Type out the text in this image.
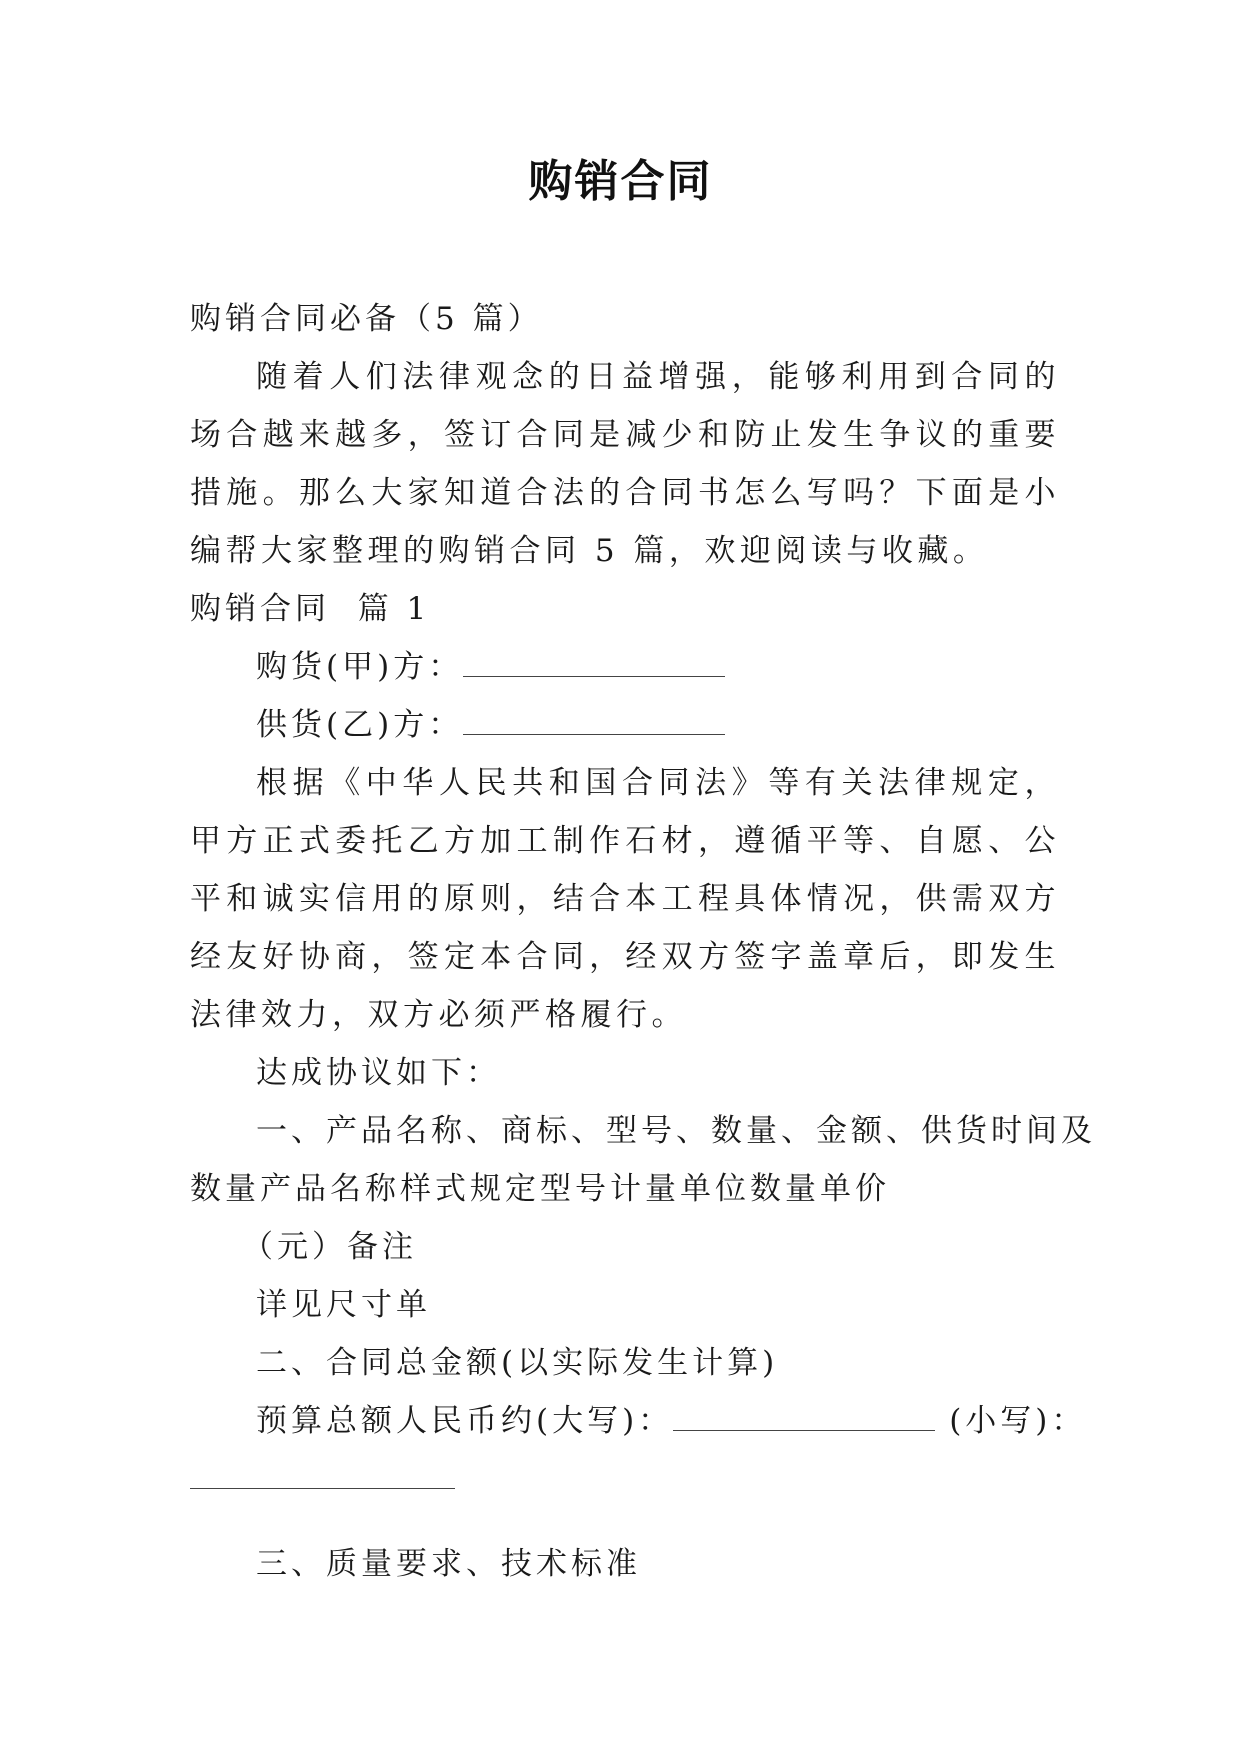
购销合同

购销合同必备（5 篇）

随着人们法律观念的日益增强，能够利用到合同的场合越来越多，签订合同是减少和防止发生争议的重要措施。那么大家知道合法的合同书怎么写吗？下面是小编帮大家整理的购销合同 5 篇，欢迎阅读与收藏。

购销合同  篇 1

购货(甲)方：

供货(乙)方：

根据《中华人民共和国合同法》等有关法律规定，甲方正式委托乙方加工制作石材，遵循平等、自愿、公平和诚实信用的原则，结合本工程具体情况，供需双方经友好协商，签定本合同，经双方签字盖章后，即发生法律效力，双方必须严格履行。

达成协议如下：

一、产品名称、商标、型号、数量、金额、供货时间及

数量产品名称样式规定型号计量单位数量单价

（元）备注

详见尺寸单

二、合同总金额(以实际发生计算)

预算总额人民币约(大写)：	(小写)：

三、质量要求、技术标准
